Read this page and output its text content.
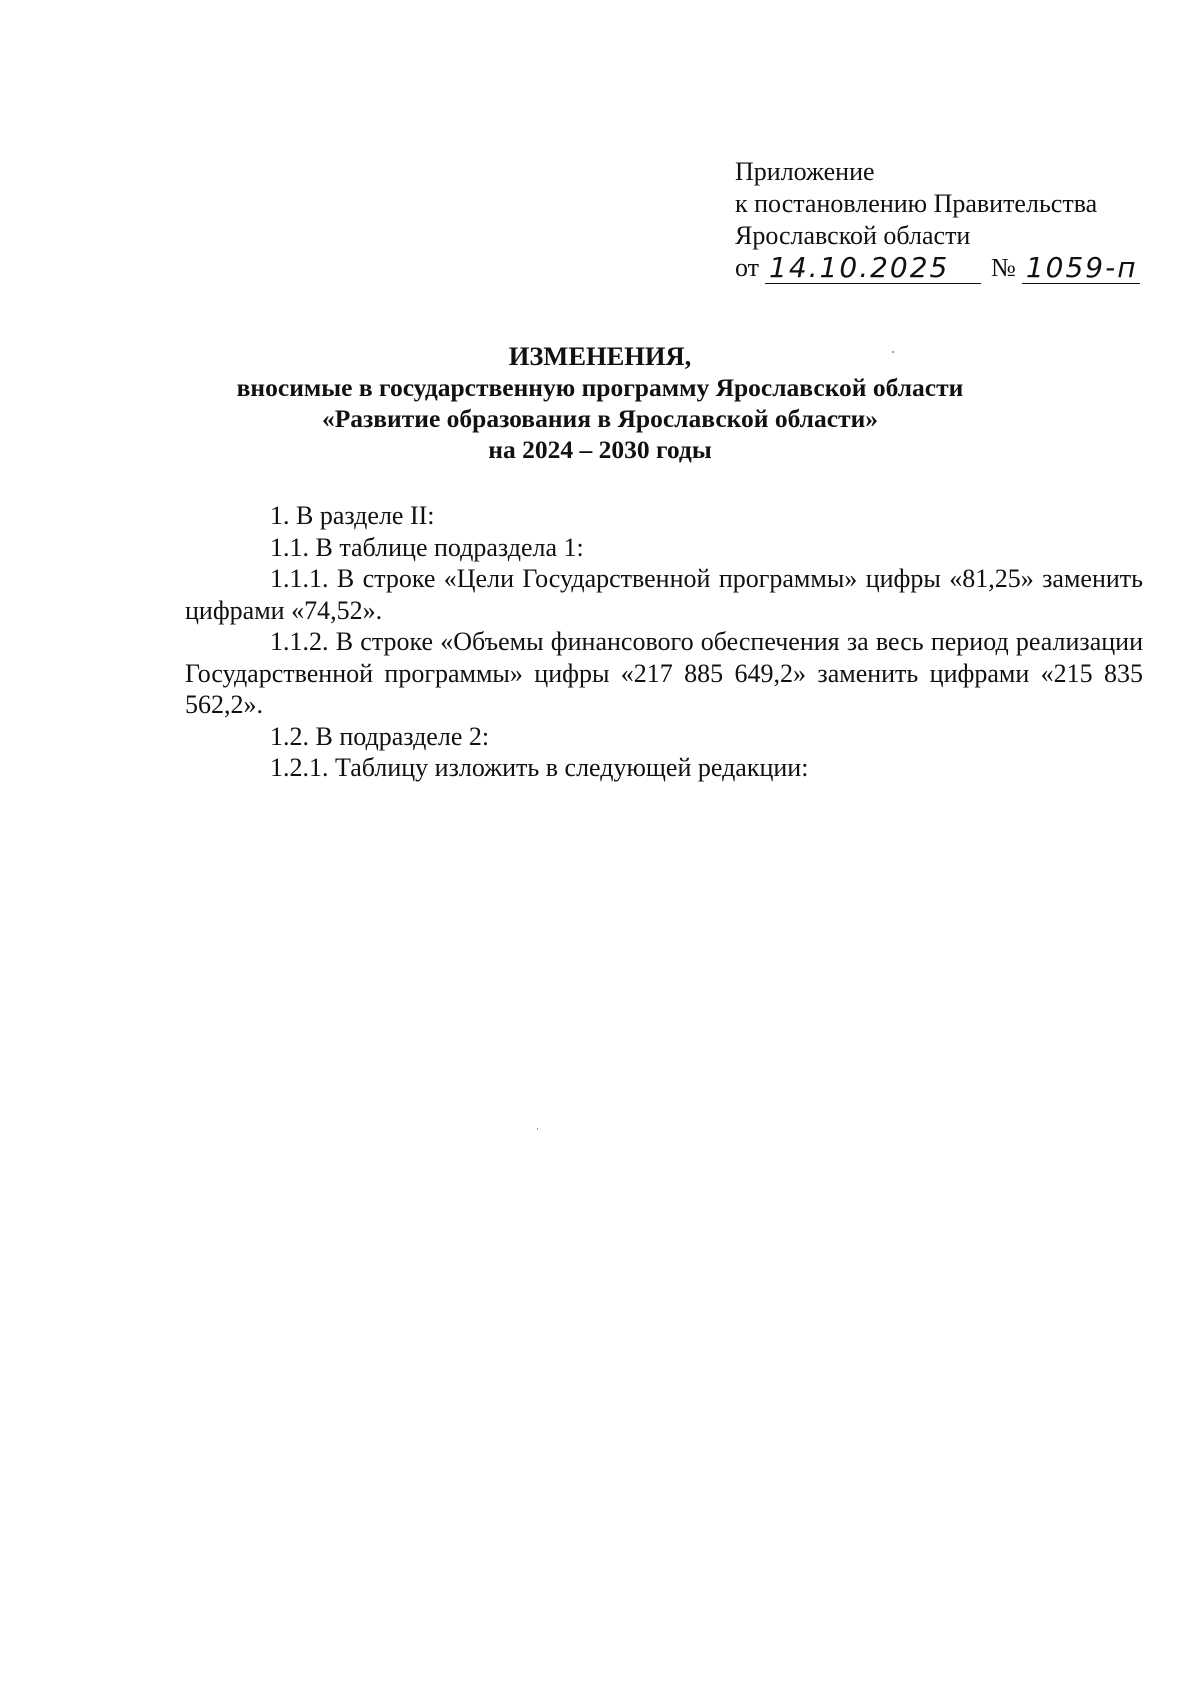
Приложение
к постановлению Правительства
Ярославской области
от 14.10.2025	№ 1059-п
ИЗМЕНЕНИЯ,
вносимые в государственную программу Ярославской области
«Развитие образования в Ярославской области»
на 2024 – 2030 годы

1. В разделе II:

1.1. В таблице подраздела 1:

1.1.1. В строке «Цели Государственной программы» цифры «81,25» заменить цифрами «74,52».

1.1.2. В строке «Объемы финансового обеспечения за весь период реализации Государственной программы» цифры «217 885 649,2» заменить цифрами «215 835 562,2».

1.2. В подразделе 2:

1.2.1. Таблицу изложить в следующей редакции:
